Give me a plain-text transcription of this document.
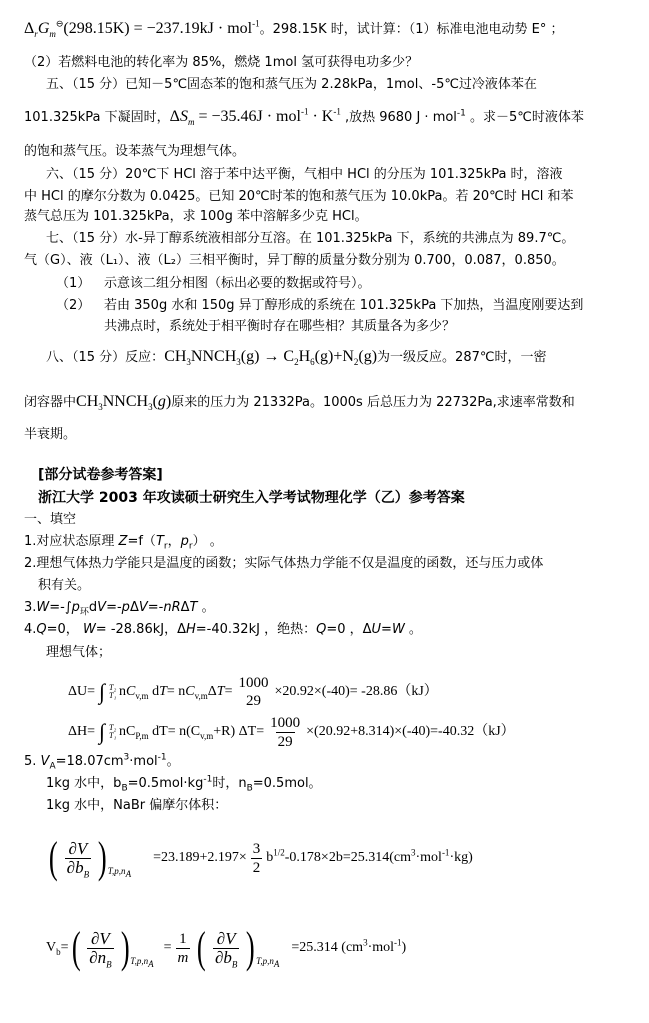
$\Delta_rG_m^⊖(298.15K) = -237.19kJ \cdot mol^{-1}$。298.15K 时，试计算：（1）标准电池电动势 E° ；
（2）若燃料电池的转化率为 85%，燃烧 1mol 氢可获得电功多少？
五、（15 分）已知－5℃固态苯的饱和蒸气压为 2.28kPa，1mol、-5℃过冷液体苯在
101.325kPa 下凝固时，$\Delta S_m = -35.46J \cdot mol^{-1} \cdot K^{-1}$ ,放热 9680 J · mol$^{-1}$ 。求－5℃时液体苯
的饱和蒸气压。设苯蒸气为理想气体。
六、（15 分）20℃下 HCl 溶于苯中达平衡，气相中 HCl 的分压为 101.325kPa 时，溶液
中 HCl 的摩尔分数为 0.0425。已知 20℃时苯的饱和蒸气压为 10.0kPa。若 20℃时 HCl 和苯
蒸气总压为 101.325kPa，求 100g 苯中溶解多少克 HCl。
七、（15 分）水-异丁醇系统液相部分互溶。在 101.325kPa 下，系统的共沸点为 89.7℃。
气（G）、液（L₁）、液（L₂）三相平衡时，异丁醇的质量分数分别为 0.700，0.087，0.850。
（1） 示意该二组分相图（标出必要的数据或符号）。
（2） 若由 350g 水和 150g 异丁醇形成的系统在 101.325kPa 下加热，当温度刚要达到
共沸点时，系统处于相平衡时存在哪些相？其质量各为多少？
八、（15 分）反应：$CH_3NNCH_3(g) \to C_2H_6(g)+N_2(g)$为一级反应。287℃时，一密
闭容器中$CH_3NNCH_3(g)$原来的压力为 21332Pa。1000s 后总压力为 22732Pa,求速率常数和
半衰期。
[部分试卷参考答案]
浙江大学 2003 年攻读硕士研究生入学考试物理化学（乙）参考答案
一、填空
1.对应状态原理 $Z=f(T_r$，$p_r$） 。
2.理想气体热力学能只是温度的函数；实际气体热力学能不仅是温度的函数，还与压力或体
积有关。
$3.W=-\int p_环dV=-p\Delta V=$-nRΔT 。
4.Q=0， W= -28.86kJ，ΔH=-40.32kJ ，绝热：Q=0 ，ΔU=W 。
理想气体；
ΔU= ∫ T₂
T₁ $nC_{v,m}$ $dT= nC_{v,m}\Delta T=$
1000
29
×20.92×(-40)= -28.86（kJ）
ΔH= ∫ T₂
T₁ $nC_{P,m}$ $dT= n(C_{v,m}+R)$ $\Delta T= \frac{1000}{29} \times(20.92+8.314)\times(-40)=-40.32(kJ)$
5. $V_A=18.07cm^3\cdot mol^{-1}$。
1kg 水中，$b_B=0.5mol\cdot kg^{-1}$时，$n_B=0.5mol$。
1kg 水中，NaBr 偏摩尔体积：
( $\frac{\partial V}{\partial b_B}$ ) $T,p,n_A$
$=23.189+2.197\times \frac{3}{2} b^{1/2}-0.178\times 2b=25.314(cm^3\cdot mol^{-1}\cdot kg)$
$V_b=$ ( $\frac{\partial V}{\partial n_B}$ ) $T,p,n_A$
= $\frac{1}{m}$ ( $\frac{\partial V}{\partial b_B}$ ) $T,p,n_A$
=25.314 $(cm^3\cdot mol^{-1})$
